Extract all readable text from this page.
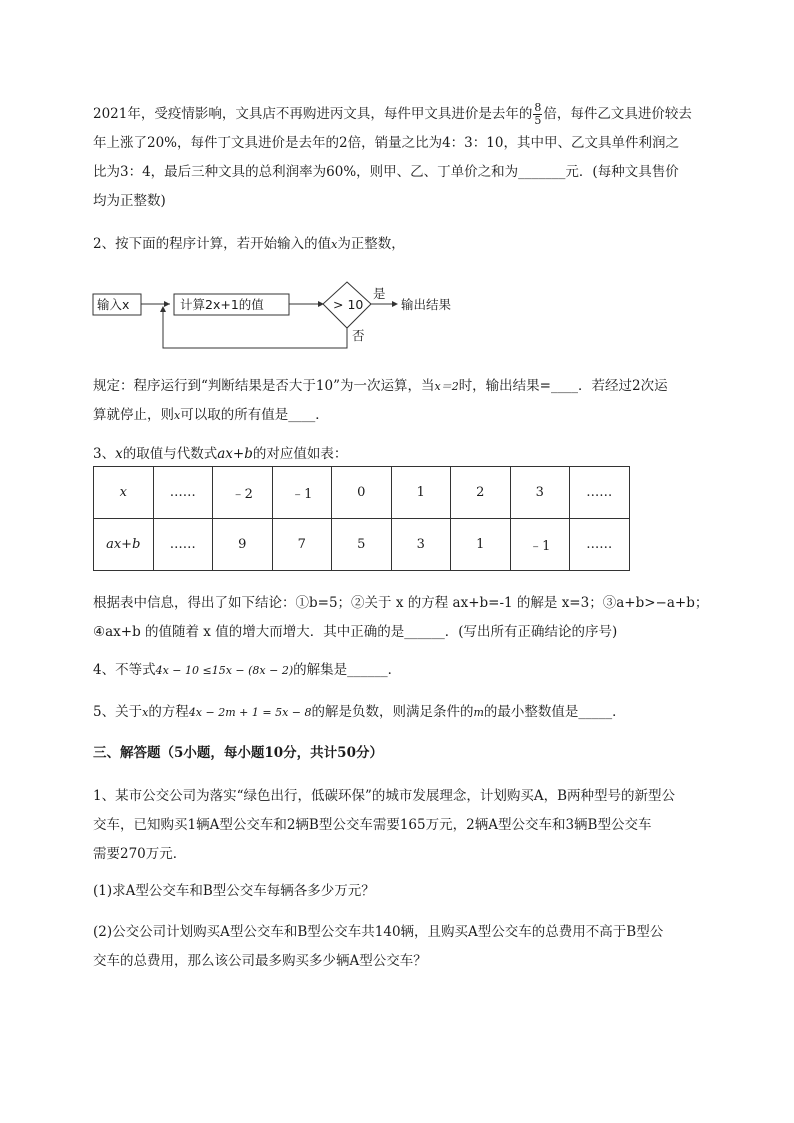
2021年，受疫情影响，文具店不再购进丙文具，每件甲文具进价是去年的 $\frac{8}{5}$ 倍，每件乙文具进价较去
年上涨了20%，每件丁文具进价是去年的2倍，销量之比为4：3：10，其中甲、乙文具单件利润之
比为3：4，最后三种文具的总利润率为60%，则甲、乙、丁单价之和为_______元．(每种文具售价
均为正整数)
2、按下面的程序计算，若开始输入的值x为正整数，
输入x	计算2x+1的值	> 10
是
输出结果
否
规定：程序运行到“判断结果是否大于10”为一次运算，当x＝2时，输出结果=____．若经过2次运
算就停止，则x可以取的所有值是____．
3、x的取值与代数式ax+b的对应值如表：
x	……	﹣2	﹣1	0	1	2	3	……
ax+b	……	9	7	5	3	1	﹣1	……
根据表中信息，得出了如下结论：①b=5；②关于 x 的方程 ax+b=-1 的解是 x=3；③a+b>−a+b；
④ax+b 的值随着 x 值的增大而增大．其中正确的是______．(写出所有正确结论的序号)
4、不等式4x − 10 ≤15x − (8x − 2)的解集是______．
5、关于x的方程4x − 2m + 1 = 5x − 8的解是负数，则满足条件的m的最小整数值是_____．
三、解答题（5小题，每小题10分，共计50分）
1、某市公交公司为落实“绿色出行，低碳环保”的城市发展理念，计划购买A，B两种型号的新型公
交车，已知购买1辆A型公交车和2辆B型公交车需要165万元，2辆A型公交车和3辆B型公交车
需要270万元．
(1)求A型公交车和B型公交车每辆各多少万元？
(2)公交公司计划购买A型公交车和B型公交车共140辆，且购买A型公交车的总费用不高于B型公
交车的总费用，那么该公司最多购买多少辆A型公交车？
